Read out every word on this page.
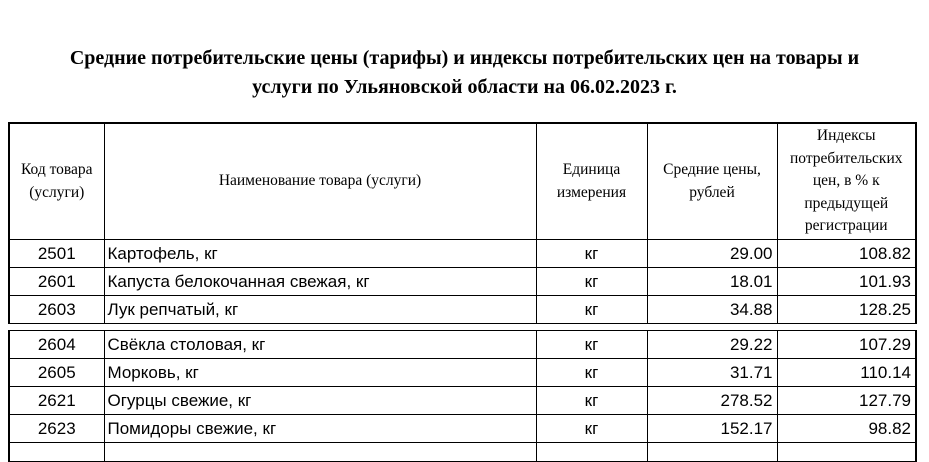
Средние потребительские цены (тарифы) и индексы потребительских цен на товары и
услуги по Ульяновской области на 06.02.2023 г.
Код товара (услуги)	Наименование товара (услуги)	Единица измерения	Средние цены, рублей	Индексы потребительских цен, в % к предыдущей регистрации
2501	Картофель, кг	кг	29.00	108.82
2601	Капуста белокочанная свежая, кг	кг	18.01	101.93
2603	Лук репчатый, кг	кг	34.88	128.25

2604	Свёкла столовая, кг	кг	29.22	107.29
2605	Морковь, кг	кг	31.71	110.14
2621	Огурцы свежие, кг	кг	278.52	127.79
2623	Помидоры свежие, кг	кг	152.17	98.82
